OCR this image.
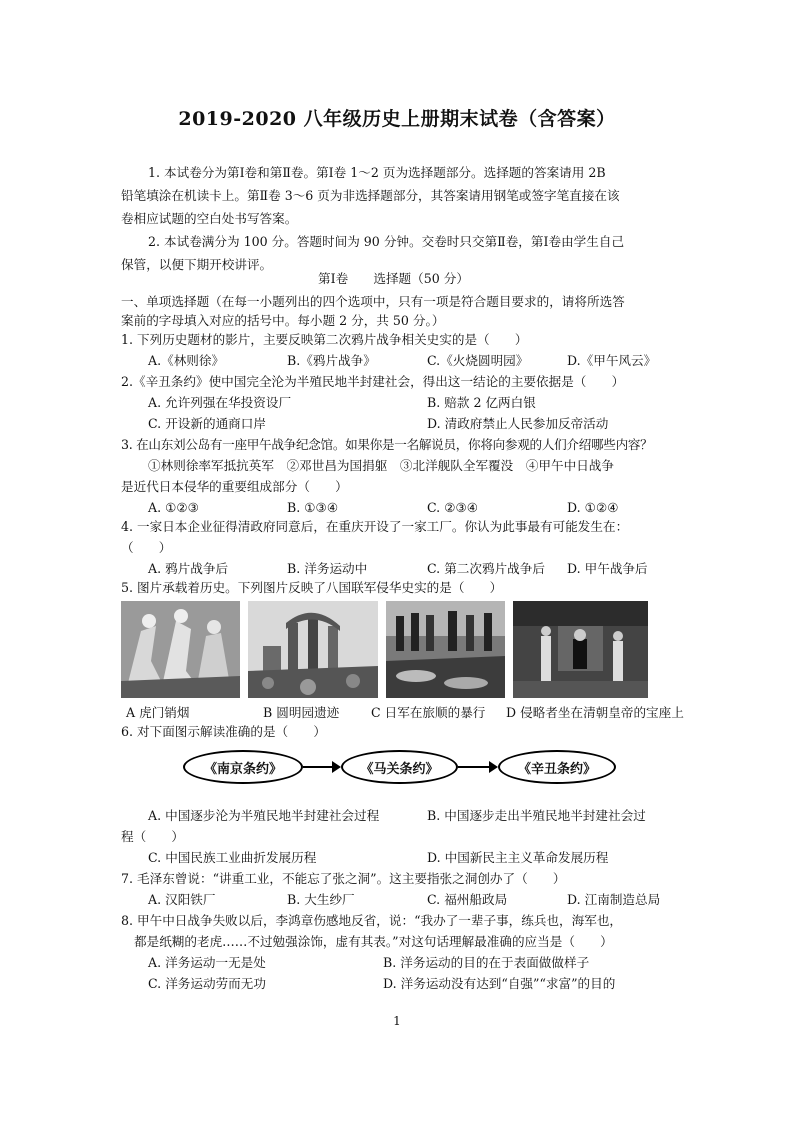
2019-2020 八年级历史上册期末试卷（含答案）
1. 本试卷分为第Ⅰ卷和第Ⅱ卷。第Ⅰ卷 1～2 页为选择题部分。选择题的答案请用 2B
铅笔填涂在机读卡上。第Ⅱ卷 3～6 页为非选择题部分，其答案请用钢笔或签字笔直接在该
卷相应试题的空白处书写答案。
2. 本试卷满分为 100 分。答题时间为 90 分钟。交卷时只交第Ⅱ卷，第Ⅰ卷由学生自己
保管，以便下期开校讲评。
第Ⅰ卷　　选择题（50 分）
一、单项选择题（在每一小题列出的四个选项中，只有一项是符合题目要求的，请将所选答
案前的字母填入对应的括号中。每小题 2 分，共 50 分。）
1. 下列历史题材的影片，主要反映第二次鸦片战争相关史实的是（　　）
A.《林则徐》	B.《鸦片战争》	C.《火烧圆明园》	D.《甲午风云》
2.《辛丑条约》使中国完全沦为半殖民地半封建社会，得出这一结论的主要依据是（　　）
A. 允许列强在华投资设厂	B. 赔款 2 亿两白银
C. 开设新的通商口岸	D. 清政府禁止人民参加反帝活动
3. 在山东刘公岛有一座甲午战争纪念馆。如果你是一名解说员，你将向参观的人们介绍哪些内容？
①林则徐率军抵抗英军　②邓世昌为国捐躯　③北洋舰队全军覆没　④甲午中日战争
是近代日本侵华的重要组成部分（　　）
A. ①②③	B. ①③④	C. ②③④	D. ①②④
4. 一家日本企业征得清政府同意后，在重庆开设了一家工厂。你认为此事最有可能发生在：
（　　）
A. 鸦片战争后	B. 洋务运动中	C. 第二次鸦片战争后 D. 甲午战争后
5. 图片承载着历史。下列图片反映了八国联军侵华史实的是（　　）
A 虎门销烟	B 圆明园遗迹	C 日军在旅顺的暴行 D 侵略者坐在清朝皇帝的宝座上
6. 对下面图示解读准确的是（　　）
《南京条约》	《马关条约》	《辛丑条约》
A. 中国逐步沦为半殖民地半封建社会过程	B. 中国逐步走出半殖民地半封建社会过
程（　　）
C. 中国民族工业曲折发展历程	D. 中国新民主主义革命发展历程
7. 毛泽东曾说：“讲重工业，不能忘了张之洞”。这主要指张之洞创办了（　　）
A. 汉阳铁厂	B. 大生纱厂	C. 福州船政局	D. 江南制造总局
8. 甲午中日战争失败以后，李鸿章伤感地反省，说：“我办了一辈子事，练兵也，海军也，
都是纸糊的老虎……不过勉强涂饰，虚有其表。”对这句话理解最准确的应当是（　　）
A. 洋务运动一无是处	B. 洋务运动的目的在于表面做做样子
C. 洋务运动劳而无功	D. 洋务运动没有达到“自强”“求富”的目的
1
